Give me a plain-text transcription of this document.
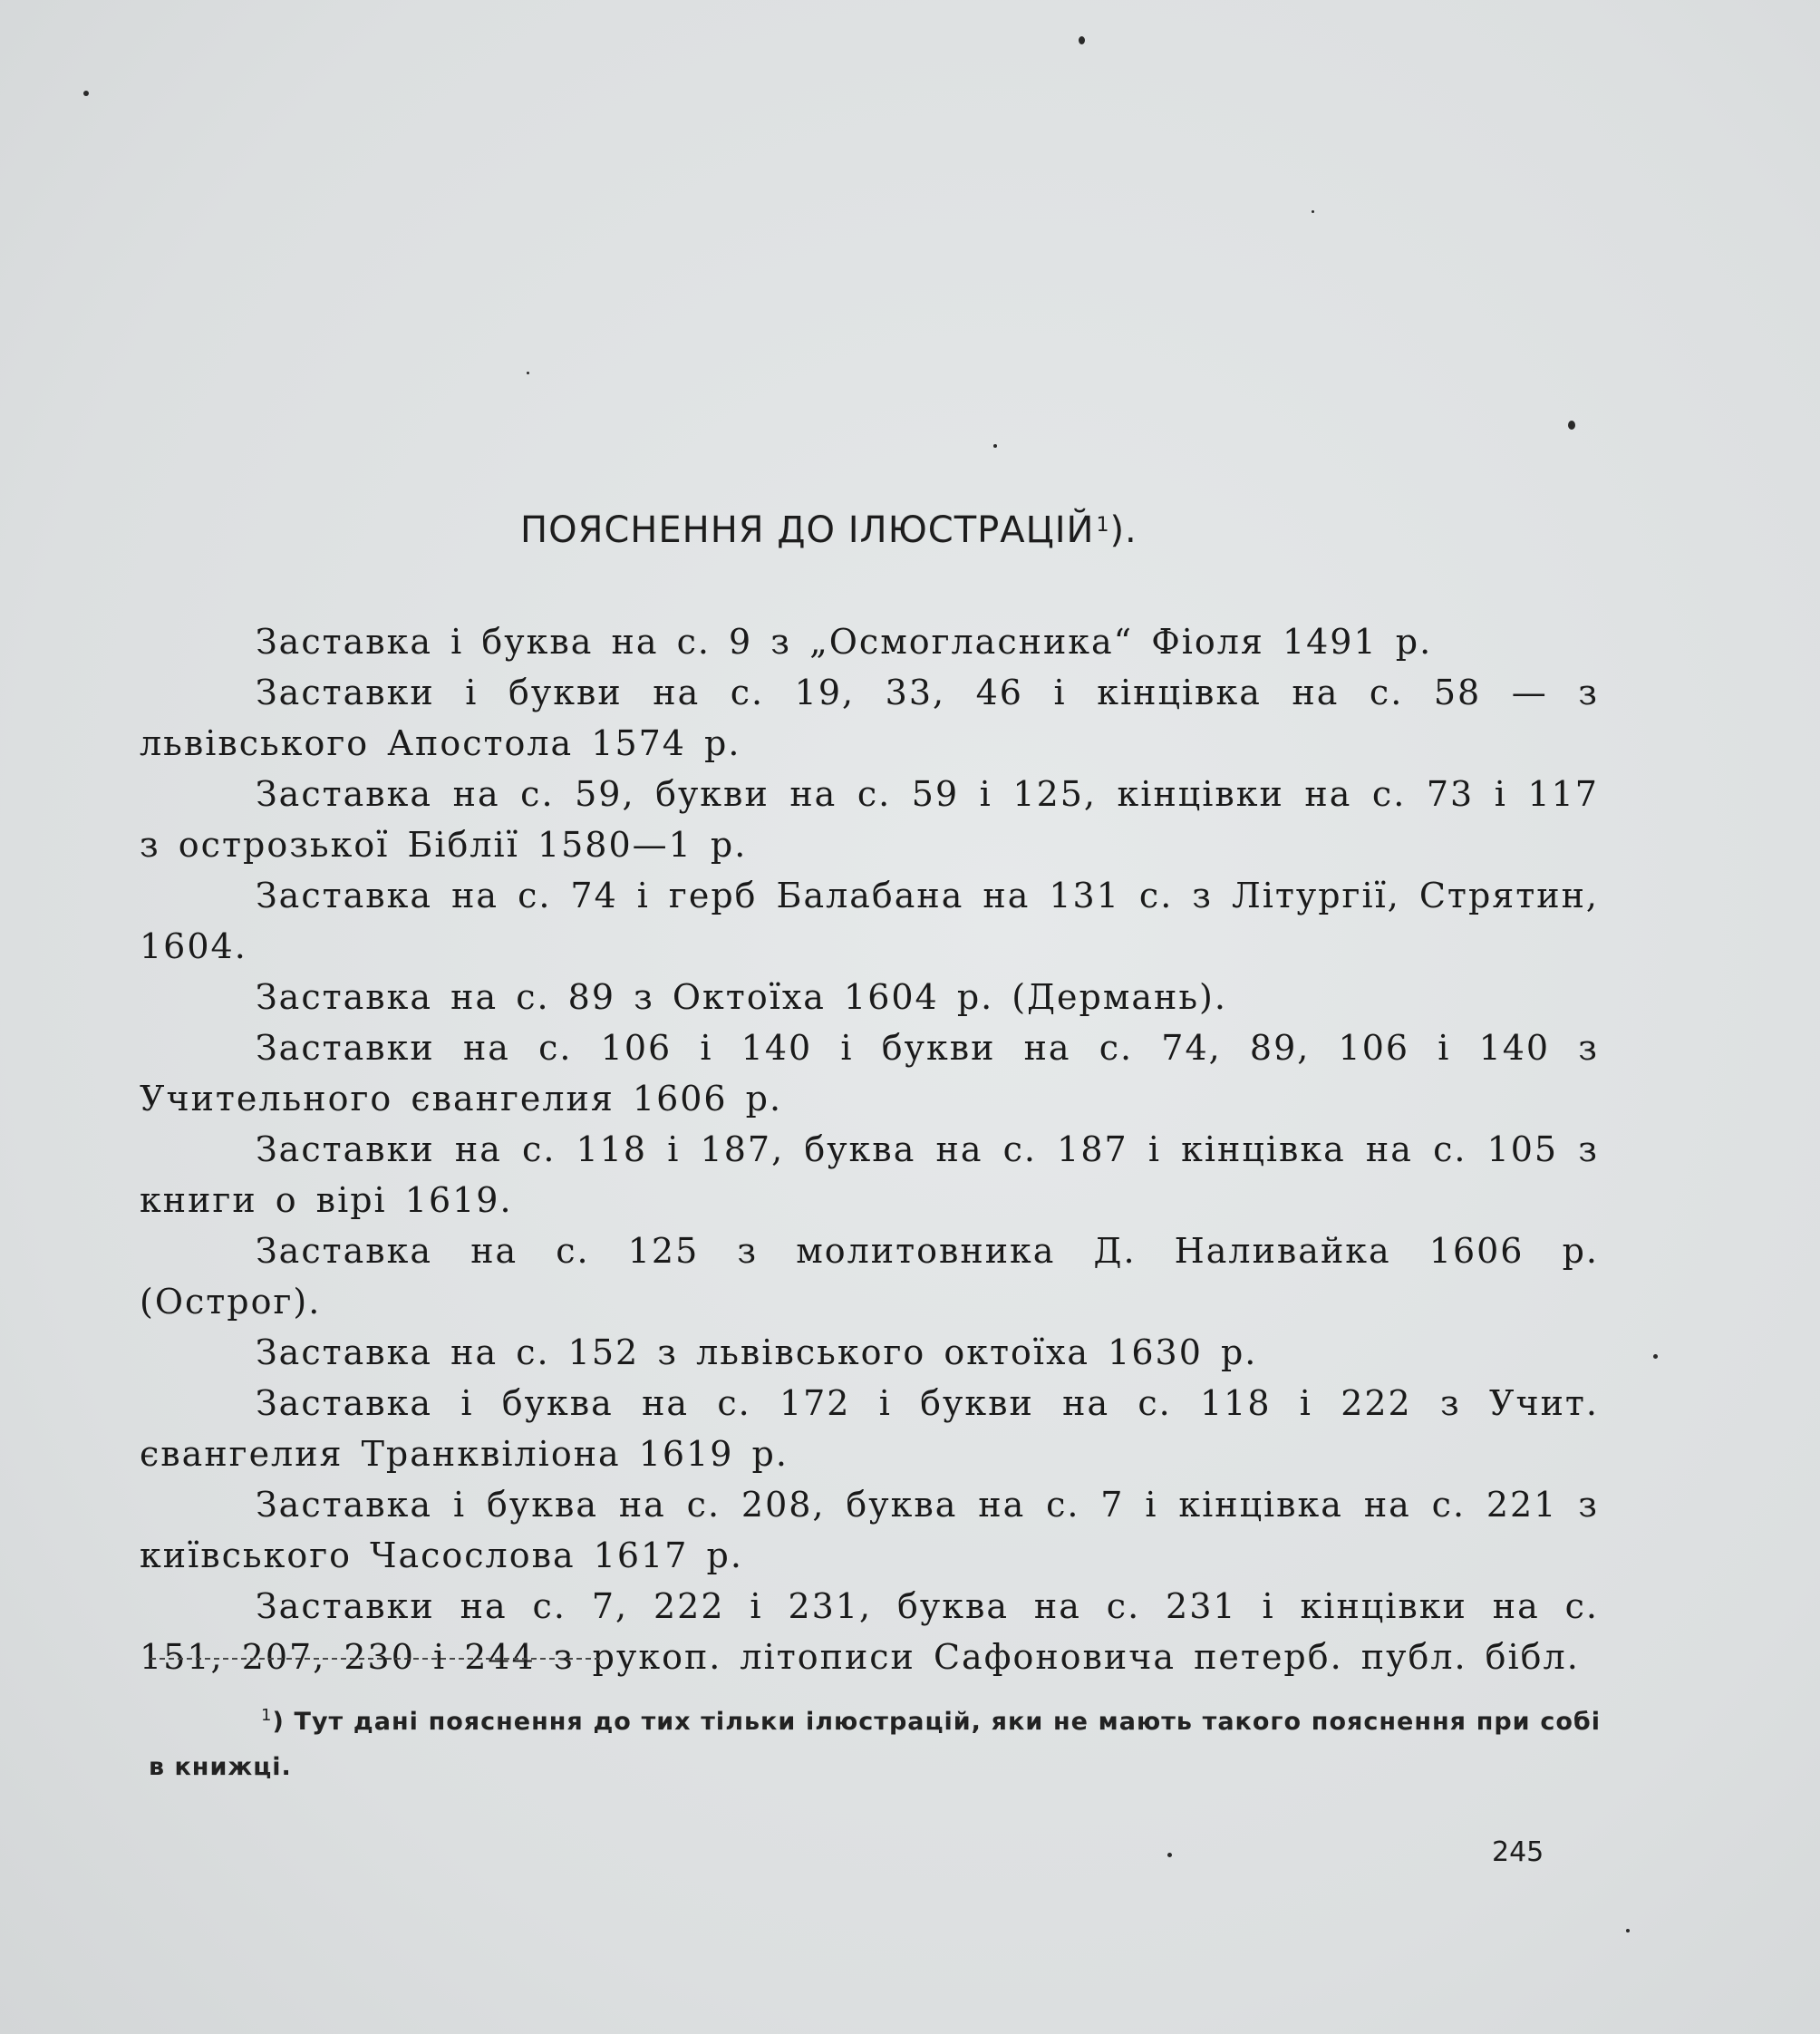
ПОЯСНЕННЯ ДО ІЛЮСТРАЦІЙ$^1$).

Заставка і буква на с. 9 з „Осмогласника“ Фіоля 1491 р.

Заставки і букви на с. 19, 33, 46 і кінцівка на с. 58 — з львівського Апостола 1574 р.

Заставка на с. 59, букви на с. 59 і 125, кінцівки на с. 73 і 117 з острозької Біблії 1580—1 р.

Заставка на с. 74 і герб Балабана на 131 с. з Літургії, Стрятин, 1604.

Заставка на с. 89 з Октоїха 1604 р. (Дермань).

Заставки на с. 106 і 140 і букви на с. 74, 89, 106 і 140 з Учительного євангелия 1606 р.

Заставки на с. 118 і 187, буква на с. 187 і кінцівка на с. 105 з книги о вірі 1619.

Заставка на с. 125 з молитовника Д. Наливайка 1606 р. (Острог).

Заставка на с. 152 з львівського октоїха 1630 р.

Заставка і буква на с. 172 і букви на с. 118 і 222 з Учит. євангелия Транквіліона 1619 р.

Заставка і буква на с. 208, буква на с. 7 і кінцівка на с. 221 з київського Часослова 1617 р.

Заставки на с. 7, 222 і 231, буква на с. 231 і кінцівки на с. 151, 207, 230 і 244 з рукоп. літописи Сафоновича петерб. публ. бібл.

$^1$) Тут дані пояснення до тих тільки ілюстрацій, яки не мають такого пояснення при собі в книжці.

245
